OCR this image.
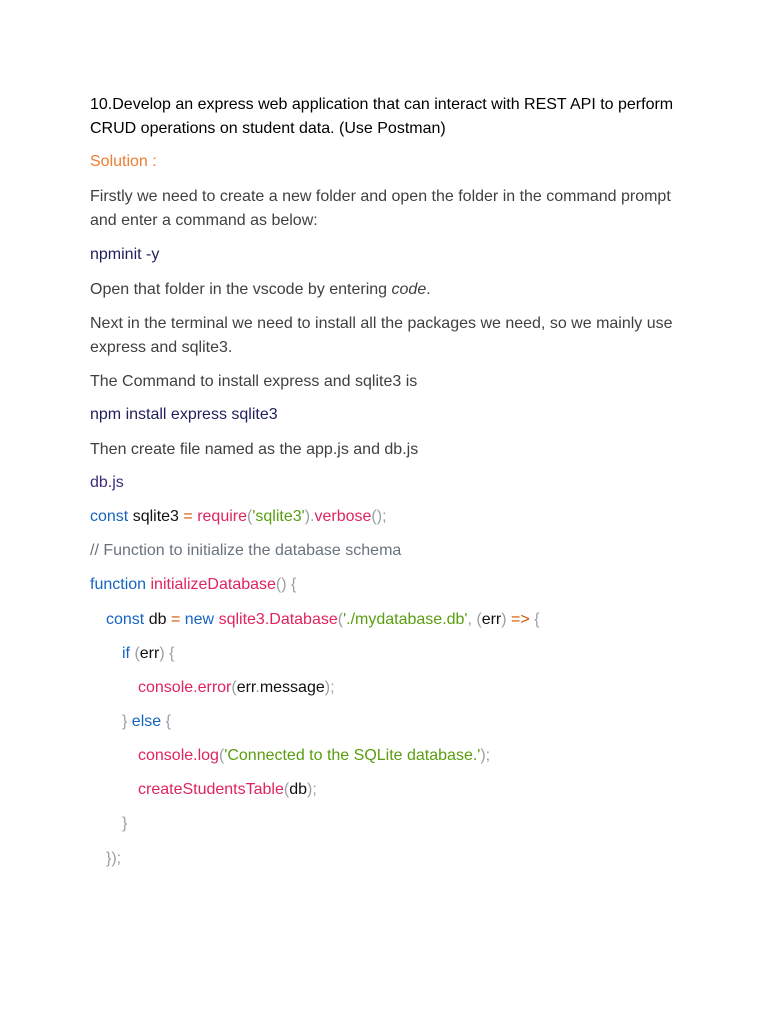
10.Develop an express web application that can interact with REST API to perform CRUD operations on student data. (Use Postman)
Solution :
Firstly we need to create a new folder and open the folder in the command prompt and enter a command as below:
npminit -y
Open that folder in the vscode by entering code.
Next in the terminal we need to install all the packages we need, so we mainly use express and sqlite3.
The Command to install express and sqlite3 is
npm install express sqlite3
Then create file named as the app.js and db.js
db.js
const sqlite3 = require('sqlite3').verbose();
// Function to initialize the database schema
function initializeDatabase() {
const db = new sqlite3.Database('./mydatabase.db', (err) => {
if (err) {
console.error(err.message);
} else {
console.log('Connected to the SQLite database.');
createStudentsTable(db);
}
});
